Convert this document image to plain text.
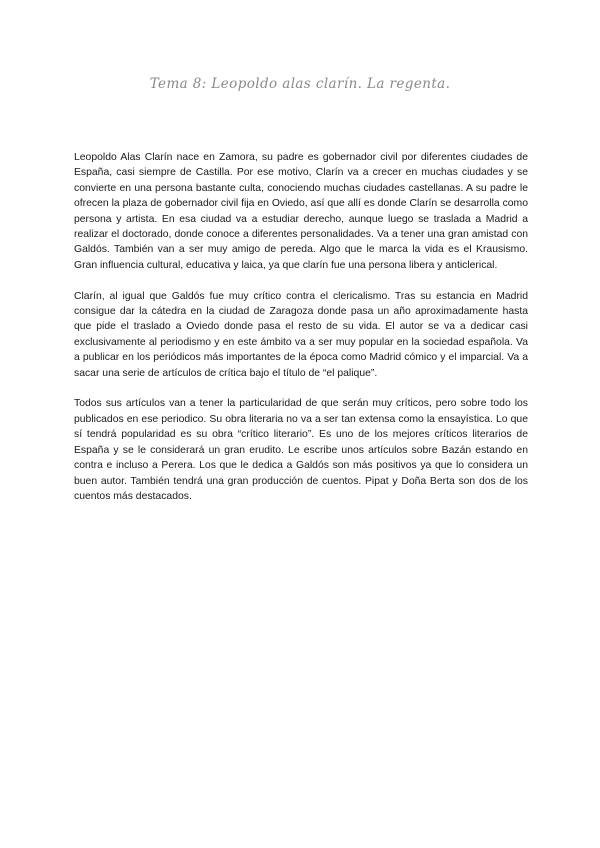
Tema 8: Leopoldo alas clarín. La regenta.

Leopoldo Alas Clarín nace en Zamora, su padre es gobernador civil por diferentes ciudades de España, casi siempre de Castilla. Por ese motivo, Clarín va a crecer en muchas ciudades y se convierte en una persona bastante culta, conociendo muchas ciudades castellanas. A su padre le ofrecen la plaza de gobernador civil fija en Oviedo, así que allí es donde Clarín se desarrolla como persona y artista. En esa ciudad va a estudiar derecho, aunque luego se traslada a Madrid a realizar el doctorado, donde conoce a diferentes personalidades. Va a tener una gran amistad con Galdós. También van a ser muy amigo de pereda. Algo que le marca la vida es el Krausismo. Gran influencia cultural, educativa y laica, ya que clarín fue una persona libera y anticlerical.

Clarín, al igual que Galdós fue muy crítico contra el clericalismo. Tras su estancia en Madrid consigue dar la cátedra en la ciudad de Zaragoza donde pasa un año aproximadamente hasta que pide el traslado a Oviedo donde pasa el resto de su vida. El autor se va a dedicar casi exclusivamente al periodismo y en este ámbito va a ser muy popular en la sociedad española. Va a publicar en los periódicos más importantes de la época como Madrid cómico y el imparcial. Va a sacar una serie de artículos de crítica bajo el título de “el palique”.

Todos sus artículos van a tener la particularidad de que serán muy críticos, pero sobre todo los publicados en ese periodico. Su obra literaria no va a ser tan extensa como la ensayística. Lo que sí tendrá popularidad es su obra “crítico literario”. Es uno de los mejores críticos literarios de España y se le considerará un gran erudito. Le escribe unos artículos sobre Bazán estando en contra e incluso a Perera. Los que le dedica a Galdós son más positivos ya que lo considera un buen autor. También tendrá una gran producción de cuentos. Pipat y Doña Berta son dos de los cuentos más destacados.
